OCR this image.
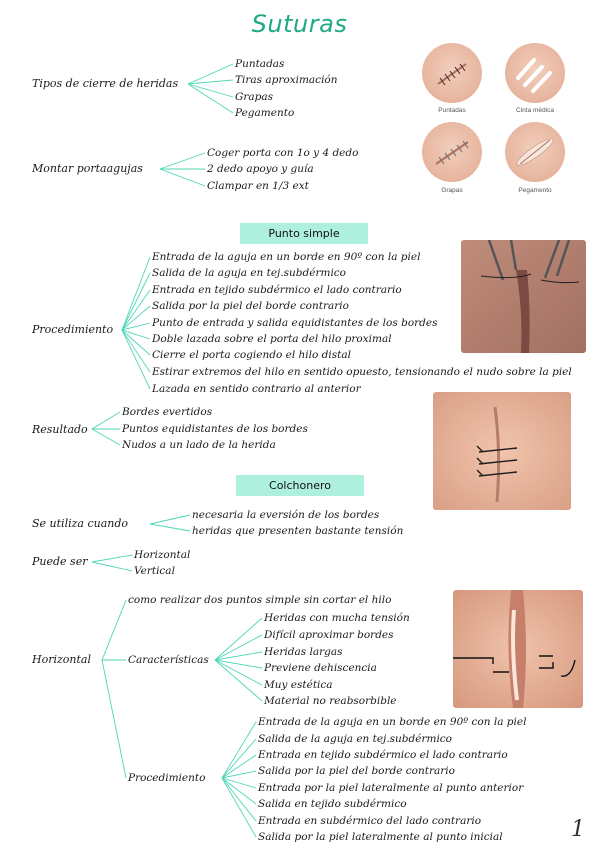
Suturas
Tipos de cierre de heridas
Puntadas
Tiras aproximación
Grapas
Pegamento
Montar portaagujas
Coger porta con 1o y 4 dedo
2 dedo apoyo y guía
Clampar en 1/3 ext
Puntadas	Cinta médica
Grapas	Pegamento
Punto simple
Procedimiento
Entrada de la aguja en un borde en 90º con la piel
Salida de la aguja en tej.subdérmico
Entrada en tejido subdérmico el lado contrario
Salida por la piel del borde contrario
Punto de entrada y salida equidistantes de los bordes
Doble lazada sobre el porta del hilo proximal
Cierre el porta cogiendo el hilo distal
Estirar extremos del hilo en sentido opuesto, tensionando el nudo sobre la piel
Lazada en sentido contrario al anterior
Resultado
Bordes evertidos
Puntos equidistantes de los bordes
Nudos a un lado de la herida
Colchonero
Se utiliza cuando
necesaria la eversión de los bordes
heridas que presenten bastante tensión
Puede ser	Horizontal
Vertical
Horizontal
como realizar dos puntos simple sin cortar el hilo
Características
Heridas con mucha tensión
Difícil aproximar bordes
Heridas largas
Previene dehiscencia
Muy estética
Material no reabsorbible
Procedimiento
Entrada de la aguja en un borde en 90º con la piel
Salida de la aguja en tej.subdérmico
Entrada en tejido subdérmico el lado contrario
Salida por la piel del borde contrario
Entrada por la piel lateralmente al punto anterior
Salida en tejido subdérmico
Entrada en subdérmico del lado contrario
Salida por la piel lateralmente al punto inicial	1
